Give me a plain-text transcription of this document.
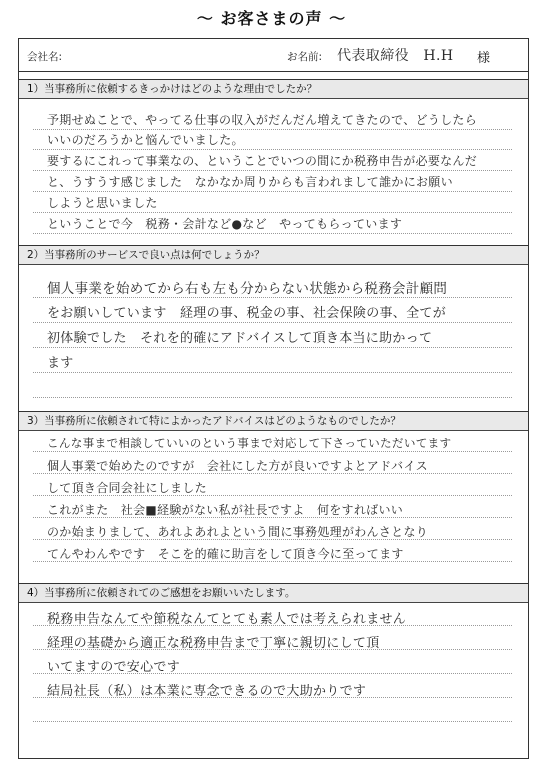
〜 お客さまの声 〜
会社名:	お名前: 代表取締役　H.H 様
1）当事務所に依頼するきっかけはどのような理由でしたか？
予期せぬことで、やってる仕事の収入がだんだん増えてきたので、どうしたら
いいのだろうかと悩んでいました。
要するにこれって事業なの、ということでいつの間にか税務申告が必要なんだ
と、うすうす感じました　なかなか周りからも言われまして誰かにお願い
しようと思いました
ということで今　税務・会計など●など　やってもらっています
2）当事務所のサービスで良い点は何でしょうか？
個人事業を始めてから右も左も分からない状態から税務会計顧問
をお願いしています　経理の事、税金の事、社会保険の事、全てが
初体験でした　それを的確にアドバイスして頂き本当に助かって
ます
3）当事務所に依頼されて特によかったアドバイスはどのようなものでしたか？
こんな事まで相談していいのという事まで対応して下さっていただいてます
個人事業で始めたのですが　会社にした方が良いですよとアドバイス
して頂き合同会社にしました
これがまた　社会■経験がない私が社長ですよ　何をすればいい
のか始まりまして、あれよあれよという間に事務処理がわんさとなり
てんやわんやです　そこを的確に助言をして頂き今に至ってます
4）当事務所に依頼されてのご感想をお願いいたします。
税務申告なんてや節税なんてとても素人では考えられません
経理の基礎から適正な税務申告まで丁寧に親切にして頂
いてますので安心です
結局社長（私）は本業に専念できるので大助かりです
